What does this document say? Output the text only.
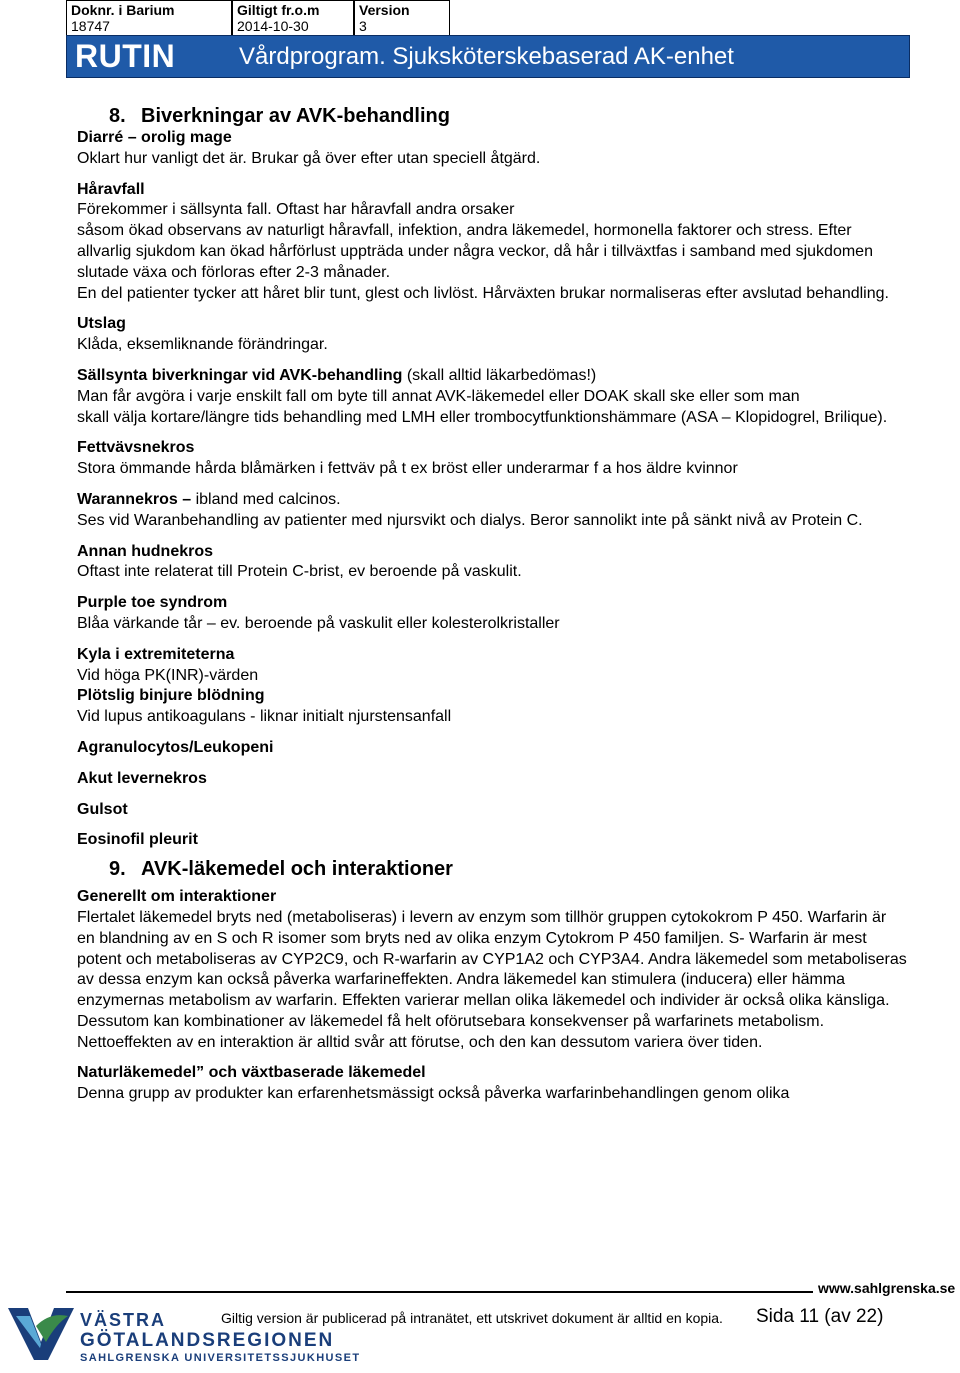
Doknr. i Barium
18747
Giltigt fr.o.m
2014-10-30
Version
3
RUTIN	Vårdprogram. Sjuksköterskebaserad AK-enhet

8. Biverkningar av AVK-behandling

Diarré – orolig mage

Oklart hur vanligt det är. Brukar gå över efter utan speciell åtgärd.

Håravfall

Förekommer i sällsynta fall. Oftast har håravfall andra orsaker

såsom ökad observans av naturligt håravfall, infektion, andra läkemedel, hormonella faktorer och stress. Efter allvarlig sjukdom kan ökad hårförlust uppträda under några veckor, då hår i tillväxtfas i samband med sjukdomen slutade växa och förloras efter 2-3 månader.

En del patienter tycker att håret blir tunt, glest och livlöst. Hårväxten brukar normaliseras efter avslutad behandling.

Utslag

Klåda, eksemliknande förändringar.

Sällsynta biverkningar vid AVK-behandling (skall alltid läkarbedömas!)

Man får avgöra i varje enskilt fall om byte till annat AVK-läkemedel eller DOAK skall ske eller som man

skall välja kortare/längre tids behandling med LMH eller trombocytfunktionshämmare (ASA – Klopidogrel, Brilique).

Fettvävsnekros

Stora ömmande hårda blåmärken i fettväv på t ex bröst eller underarmar f a hos äldre kvinnor

Warannekros – ibland med calcinos.

Ses vid Waranbehandling av patienter med njursvikt och dialys. Beror sannolikt inte på sänkt nivå av Protein C.

Annan hudnekros

Oftast inte relaterat till Protein C-brist, ev beroende på vaskulit.

Purple toe syndrom

Blåa värkande tår – ev. beroende på vaskulit eller kolesterolkristaller

Kyla i extremiteterna

Vid höga PK(INR)-värden

Plötslig binjure blödning

Vid lupus antikoagulans - liknar initialt njurstensanfall

Agranulocytos/Leukopeni

Akut levernekros

Gulsot

Eosinofil pleurit

9. AVK-läkemedel och interaktioner

Generellt om interaktioner

Flertalet läkemedel bryts ned (metaboliseras) i levern av enzym som tillhör gruppen cytokokrom P 450. Warfarin är en blandning av en S och R isomer som bryts ned av olika enzym Cytokrom P 450 familjen. S- Warfarin är mest potent och metaboliseras av CYP2C9, och R-warfarin av CYP1A2 och CYP3A4. Andra läkemedel som metaboliseras av dessa enzym kan också påverka warfarineffekten. Andra läkemedel kan stimulera (inducera) eller hämma enzymernas metabolism av warfarin. Effekten varierar mellan olika läkemedel och individer är också olika känsliga. Dessutom kan kombinationer av läkemedel få helt oförutsebara konsekvenser på warfarinets metabolism.

Nettoeffekten av en interaktion är alltid svår att förutse, och den kan dessutom variera över tiden.

Naturläkemedel” och växtbaserade läkemedel

Denna grupp av produkter kan erfarenhetsmässigt också påverka warfarinbehandlingen genom olika

www.sahlgrenska.se
VÄSTRA
GÖTALANDSREGIONEN
SAHLGRENSKA UNIVERSITETSSJUKHUSET
Giltig version är publicerad på intranätet, ett utskrivet dokument är alltid en kopia. Sida 11 (av 22)
